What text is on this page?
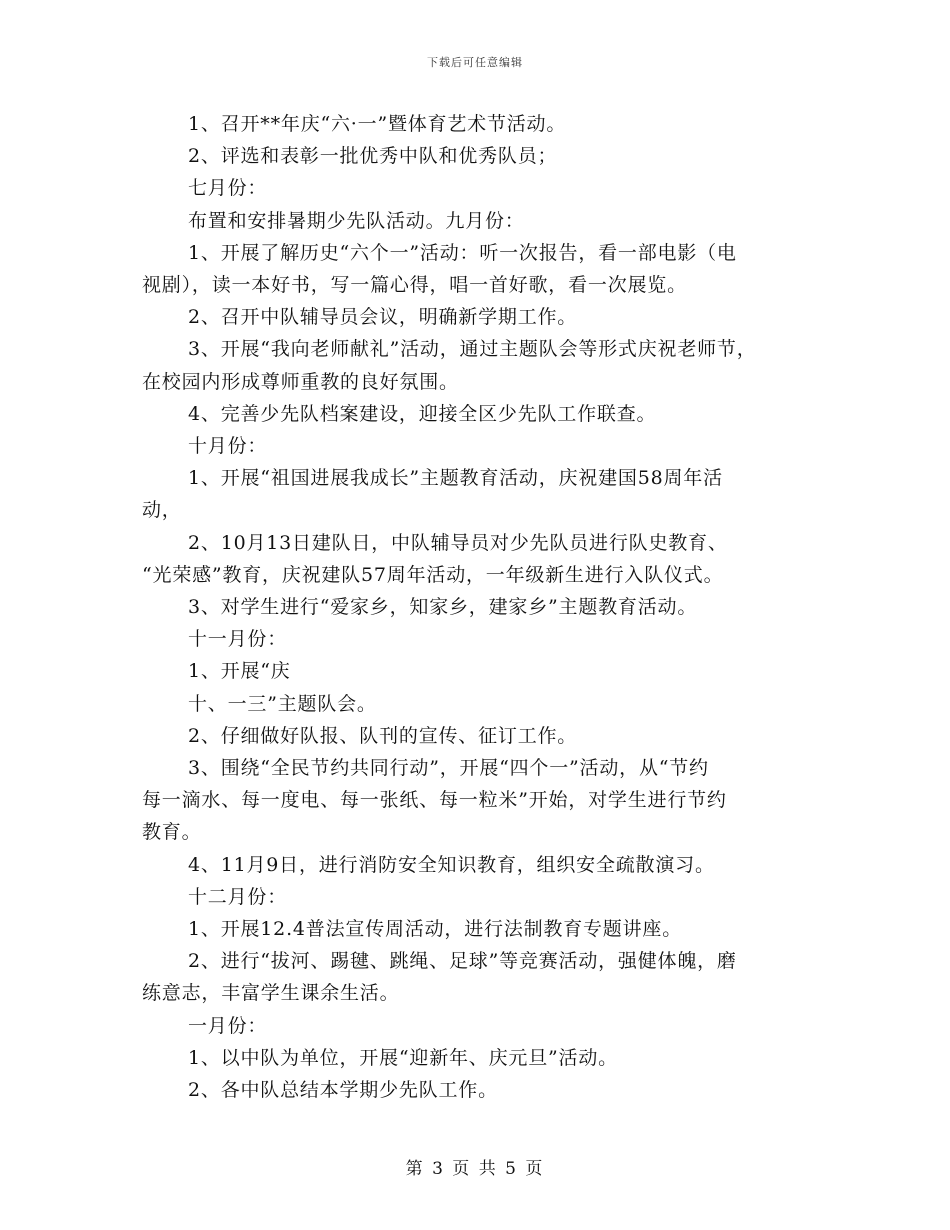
下载后可任意编辑
1、召开**年庆“六·一”暨体育艺术节活动。
2、评选和表彰一批优秀中队和优秀队员；
七月份：
布置和安排暑期少先队活动。九月份：
1、开展了解历史“六个一”活动：听一次报告，看一部电影（电
视剧），读一本好书，写一篇心得，唱一首好歌，看一次展览。
2、召开中队辅导员会议，明确新学期工作。
3、开展“我向老师献礼”活动，通过主题队会等形式庆祝老师节，
在校园内形成尊师重教的良好氛围。
4、完善少先队档案建设，迎接全区少先队工作联查。
十月份：
1、开展“祖国进展我成长”主题教育活动，庆祝建国58周年活
动，
2、10月13日建队日，中队辅导员对少先队员进行队史教育、
“光荣感”教育，庆祝建队57周年活动，一年级新生进行入队仪式。
3、对学生进行“爱家乡，知家乡，建家乡”主题教育活动。
十一月份：
1、开展“庆
十、一三”主题队会。
2、仔细做好队报、队刊的宣传、征订工作。
3、围绕“全民节约共同行动”，开展“四个一”活动，从“节约
每一滴水、每一度电、每一张纸、每一粒米”开始，对学生进行节约
教育。
4、11月9日，进行消防安全知识教育，组织安全疏散演习。
十二月份：
1、开展12.4普法宣传周活动，进行法制教育专题讲座。
2、进行“拔河、踢毽、跳绳、足球”等竞赛活动，强健体魄，磨
练意志，丰富学生课余生活。
一月份：
1、以中队为单位，开展“迎新年、庆元旦”活动。
2、各中队总结本学期少先队工作。
第 3 页 共 5 页
